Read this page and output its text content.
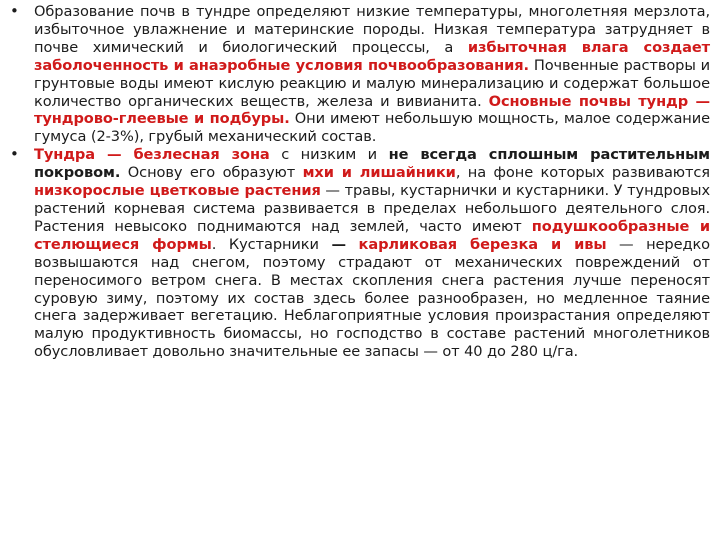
• Образование почв в тундре определяют низкие температуры, многолетняя мерзлота, избыточное увлажнение и материнские породы. Низкая температура затрудняет в почве химический и биологический процессы, а избыточная влага создает заболоченность и анаэробные условия почвообразования. Почвенные растворы и грунтовые воды имеют кислую реакцию и малую минерализацию и содержат большое количество органических веществ, железа и вивианита. Основные почвы тундр — тундрово-глеевые и подбуры. Они имеют небольшую мощность, малое содержание гумуса (2-3%), грубый механический состав.
• Тундра — безлесная зона с низким и не всегда сплошным растительным покровом. Основу его образуют мхи и лишайники, на фоне которых развиваются низкорослые цветковые растения — травы, кустарнички и кустарники. У тундровых растений корневая система развивается в пределах небольшого деятельного слоя. Растения невысоко поднимаются над землей, часто имеют подушкообразные и стелющиеся формы. Кустарники — карликовая березка и ивы — нередко возвышаются над снегом, поэтому страдают от механических повреждений от переносимого ветром снега. В местах скопления снега растения лучше переносят суровую зиму, поэтому их состав здесь более разнообразен, но медленное таяние снега задерживает вегетацию. Неблагоприятные условия произрастания определяют малую продуктивность биомассы, но господство в составе растений многолетников обусловливает довольно значительные ее запасы — от 40 до 280 ц/га.
